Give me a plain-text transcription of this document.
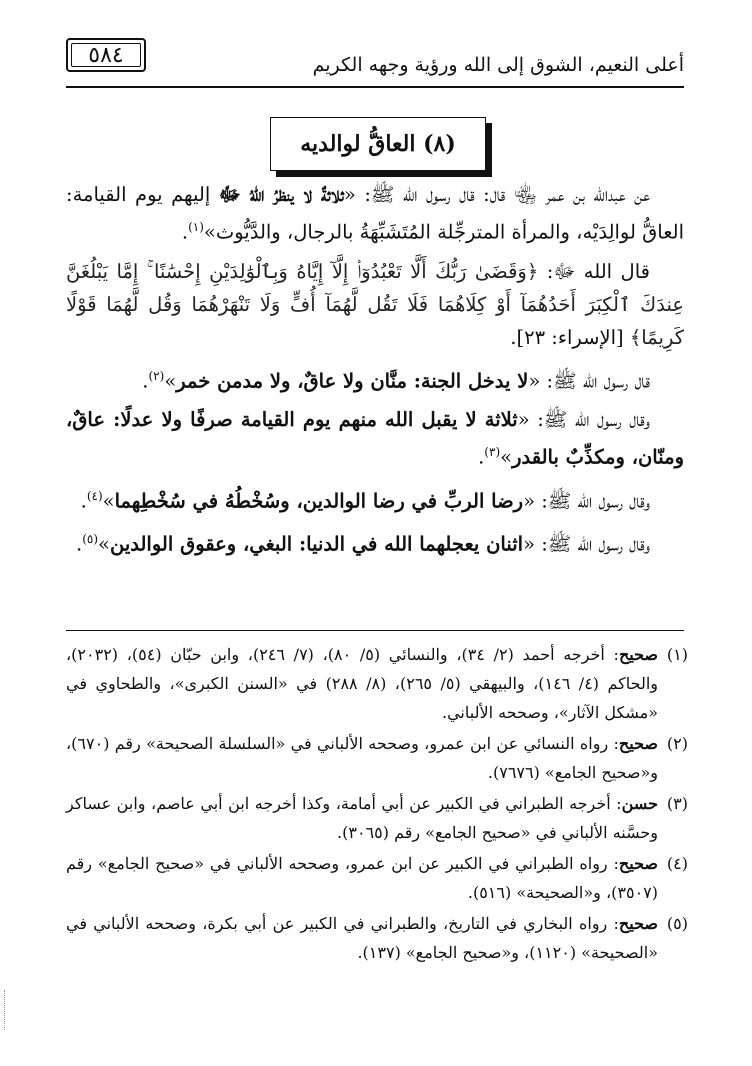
٥٨٤	أعلى النعيم، الشوق إلى الله ورؤية وجهه الكريم
(٨) العاقُّ لوالديه

عن عبدالله بن عمر ﵄ قال: قال رسول الله ﷺ: «ثلاثةٌ لا ينظرُ اللهُ ﷻ إليهم يوم القيامة: العاقُّ لوالِدَيْه، والمرأة المترجِّلة المُتَشَبِّهَةُ بالرجال، والدَّيُّوث»$^{(١)}$.

قال الله ﷻ: ﴿وَقَضَىٰ رَبُّكَ أَلَّا تَعْبُدُوٓا۟ إِلَّآ إِيَّاهُ وَبِٱلْوَٰلِدَيْنِ إِحْسَٰنًا ۚ إِمَّا يَبْلُغَنَّ عِندَكَ ٱلْكِبَرَ أَحَدُهُمَآ أَوْ كِلَاهُمَا فَلَا تَقُل لَّهُمَآ أُفٍّ وَلَا تَنْهَرْهُمَا وَقُل لَّهُمَا قَوْلًا كَرِيمًا﴾ [الإسراء: ٢٣].

قال رسول الله ﷺ: «لا يدخل الجنة: منَّان ولا عاقٌ، ولا مدمن خمر»$^{(٢)}$.

وقال رسول الله ﷺ: «ثلاثة لا يقبل الله منهم يوم القيامة صرفًا ولا عدلًا: عاقٌ، ومنّان، ومكذِّبٌ بالقدر»$^{(٣)}$.

وقال رسول الله ﷺ: «رضا الربِّ في رضا الوالدين، وسُخْطُهُ في سُخْطِهما»$^{(٤)}$.

وقال رسول الله ﷺ: «اثنان يعجلهما الله في الدنيا: البغي، وعقوق الوالدين»$^{(٥)}$.

(١)
صحيح: أخرجه أحمد (٢/ ٣٤)، والنسائي (٥/ ٨٠)، (٧/ ٢٤٦)، وابن حبّان (٥٤)، (٢٠٣٢)، والحاكم (٤/ ١٤٦)، والبيهقي (٥/ ٢٦٥)، (٨/ ٢٨٨) في «السنن الكبرى»، والطحاوي في «مشكل الآثار»، وصححه الألباني.
(٢)
صحيح: رواه النسائي عن ابن عمرو، وصححه الألباني في «السلسلة الصحيحة» رقم (٦٧٠)، و«صحيح الجامع» (٧٦٧٦).
(٣)
حسن: أخرجه الطبراني في الكبير عن أبي أمامة، وكذا أخرجه ابن أبي عاصم، وابن عساكر وحسَّنه الألباني في «صحيح الجامع» رقم (٣٠٦٥).
(٤)
صحيح: رواه الطبراني في الكبير عن ابن عمرو، وصححه الألباني في «صحيح الجامع» رقم (٣٥٠٧)، و«الصحيحة» (٥١٦).
(٥)
صحيح: رواه البخاري في التاريخ، والطبراني في الكبير عن أبي بكرة، وصححه الألباني في «الصحيحة» (١١٢٠)، و«صحيح الجامع» (١٣٧).
